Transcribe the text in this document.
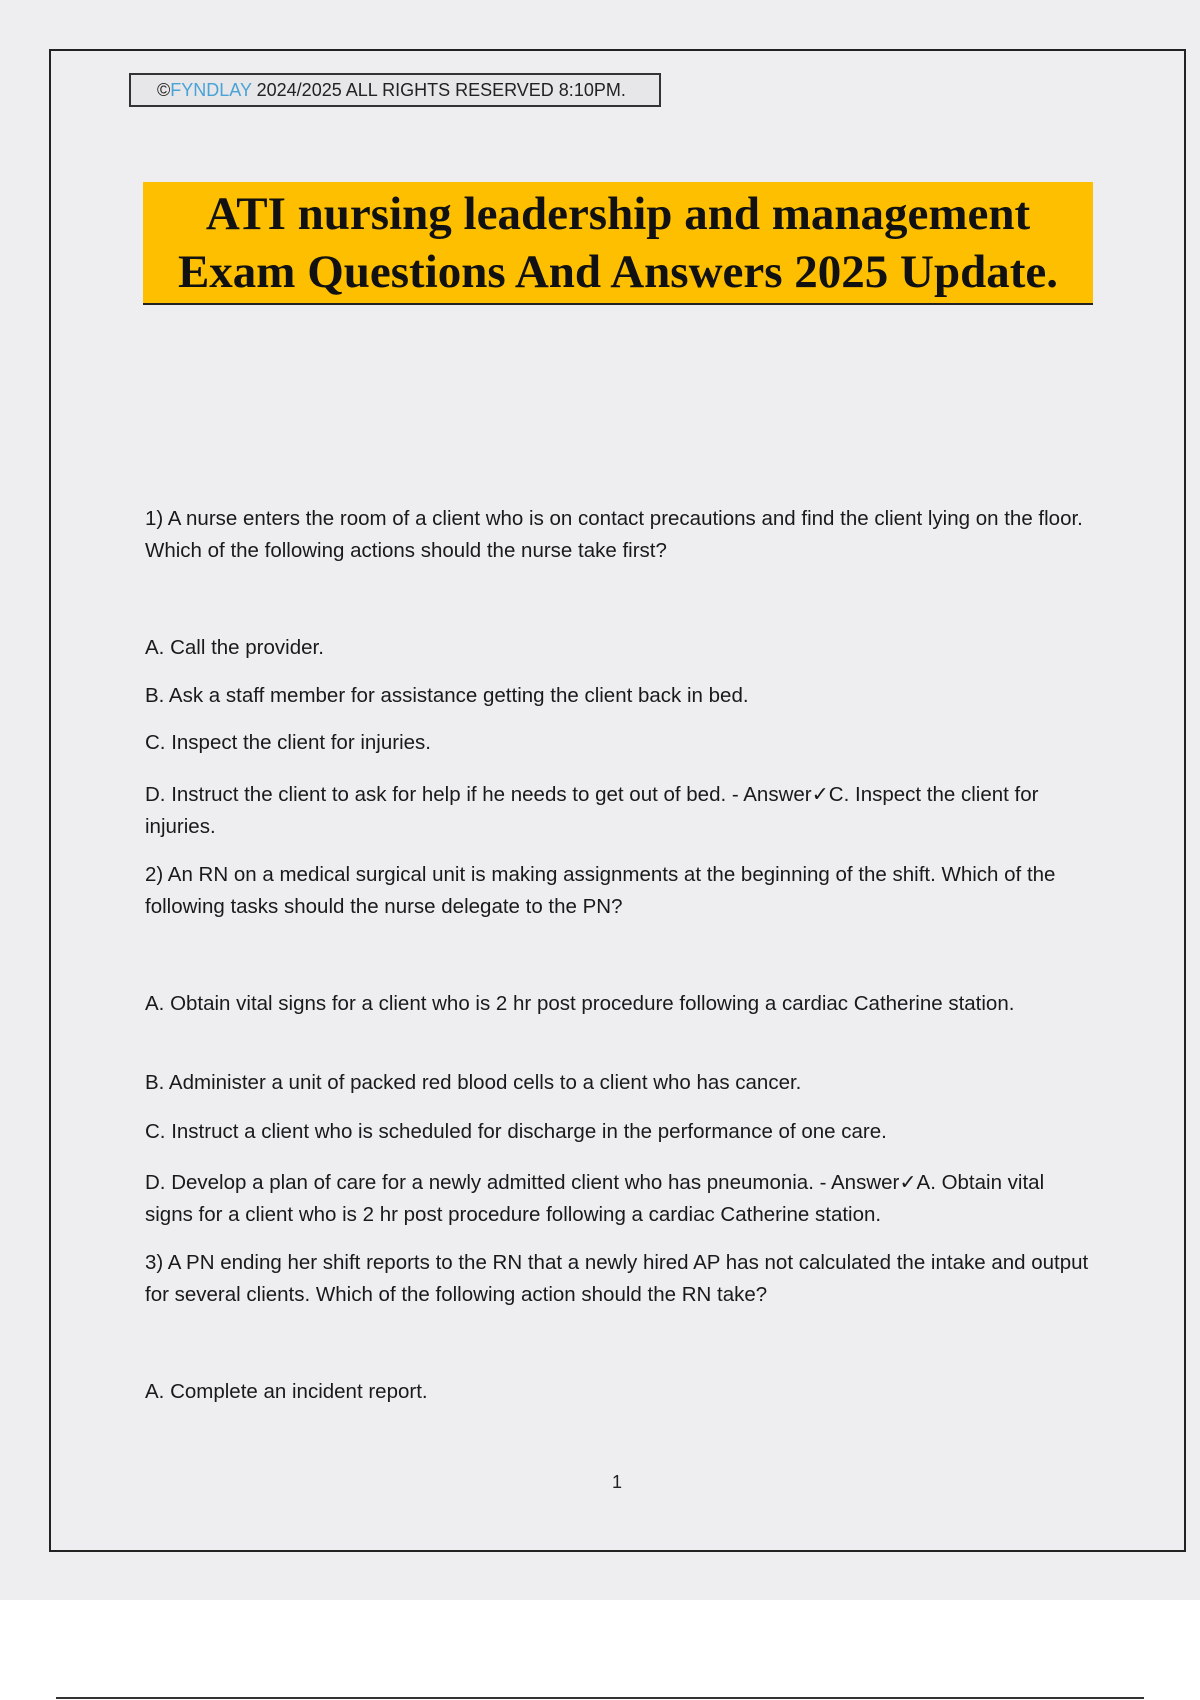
©FYNDLAY 2024/2025 ALL RIGHTS RESERVED 8:10PM.
ATI nursing leadership and management
Exam Questions And Answers 2025 Update.

1) A nurse enters the room of a client who is on contact precautions and find the client lying on the floor. Which of the following actions should the nurse take first?

A. Call the provider.

B. Ask a staff member for assistance getting the client back in bed.

C. Inspect the client for injuries.

D. Instruct the client to ask for help if he needs to get out of bed. - Answer✓C. Inspect the client for injuries.

2) An RN on a medical surgical unit is making assignments at the beginning of the shift. Which of the following tasks should the nurse delegate to the PN?

A. Obtain vital signs for a client who is 2 hr post procedure following a cardiac Catherine station.

B. Administer a unit of packed red blood cells to a client who has cancer.

C. Instruct a client who is scheduled for discharge in the performance of one care.

D. Develop a plan of care for a newly admitted client who has pneumonia. - Answer✓A. Obtain vital signs for a client who is 2 hr post procedure following a cardiac Catherine station.

3) A PN ending her shift reports to the RN that a newly hired AP has not calculated the intake and output for several clients. Which of the following action should the RN take?

A. Complete an incident report.

1
